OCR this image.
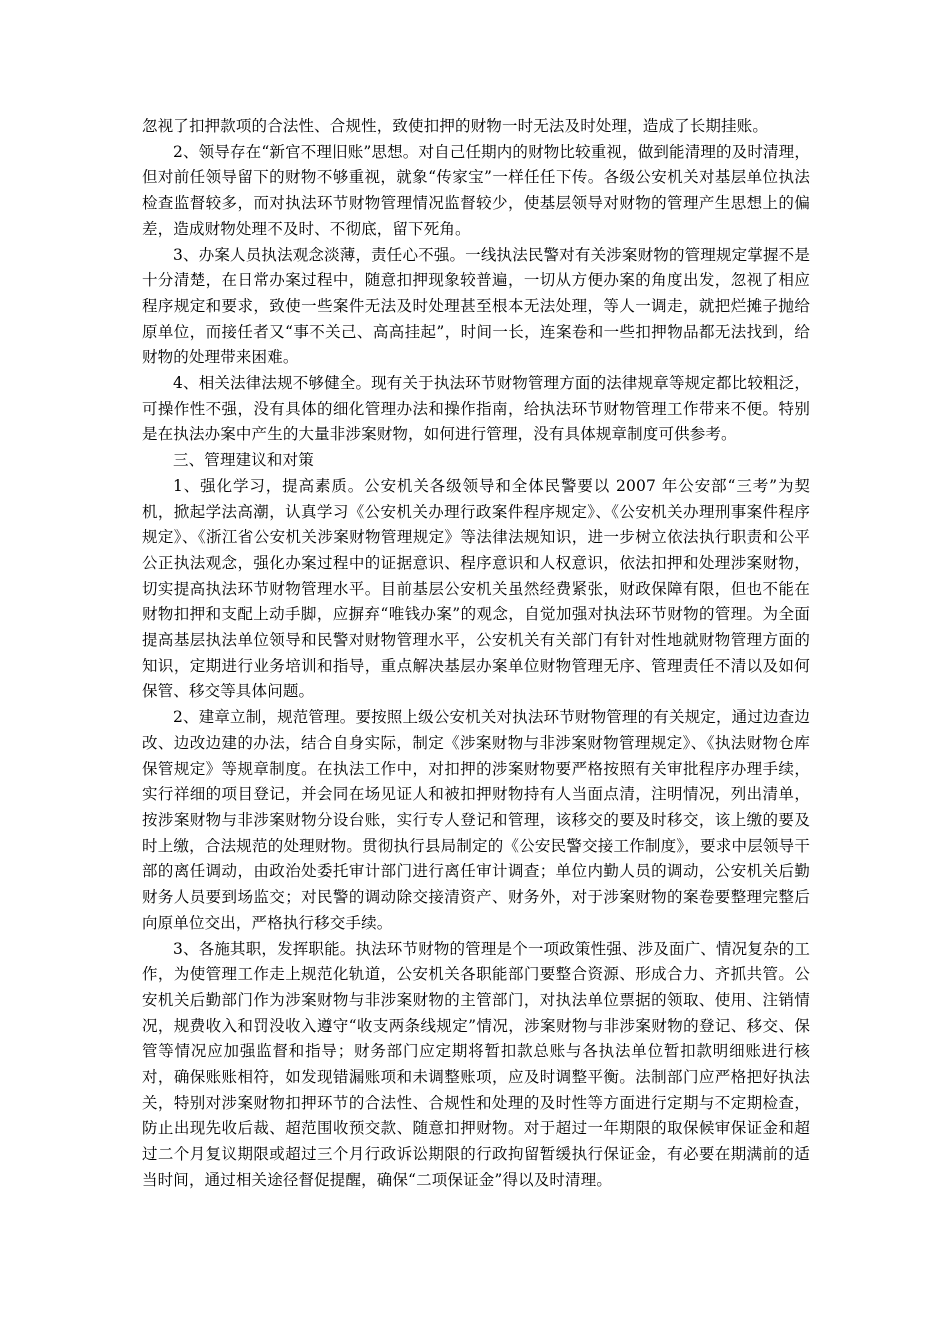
忽视了扣押款项的合法性、合规性，致使扣押的财物一时无法及时处理，造成了长期挂账。

2、领导存在“新官不理旧账”思想。对自己任期内的财物比较重视，做到能清理的及时清理，但对前任领导留下的财物不够重视，就象“传家宝”一样任任下传。各级公安机关对基层单位执法检查监督较多，而对执法环节财物管理情况监督较少，使基层领导对财物的管理产生思想上的偏差，造成财物处理不及时、不彻底，留下死角。

3、办案人员执法观念淡薄，责任心不强。一线执法民警对有关涉案财物的管理规定掌握不是十分清楚，在日常办案过程中，随意扣押现象较普遍，一切从方便办案的角度出发，忽视了相应程序规定和要求，致使一些案件无法及时处理甚至根本无法处理，等人一调走，就把烂摊子抛给原单位，而接任者又“事不关己、高高挂起”，时间一长，连案卷和一些扣押物品都无法找到，给财物的处理带来困难。

4、相关法律法规不够健全。现有关于执法环节财物管理方面的法律规章等规定都比较粗泛，可操作性不强，没有具体的细化管理办法和操作指南，给执法环节财物管理工作带来不便。特别是在执法办案中产生的大量非涉案财物，如何进行管理，没有具体规章制度可供参考。

三、管理建议和对策

1、强化学习，提高素质。公安机关各级领导和全体民警要以 2007 年公安部“三考”为契机，掀起学法高潮，认真学习《公安机关办理行政案件程序规定》、《公安机关办理刑事案件程序规定》、《浙江省公安机关涉案财物管理规定》等法律法规知识，进一步树立依法执行职责和公平公正执法观念，强化办案过程中的证据意识、程序意识和人权意识，依法扣押和处理涉案财物，切实提高执法环节财物管理水平。目前基层公安机关虽然经费紧张，财政保障有限，但也不能在财物扣押和支配上动手脚，应摒弃“唯钱办案”的观念，自觉加强对执法环节财物的管理。为全面提高基层执法单位领导和民警对财物管理水平，公安机关有关部门有针对性地就财物管理方面的知识，定期进行业务培训和指导，重点解决基层办案单位财物管理无序、管理责任不清以及如何保管、移交等具体问题。

2、建章立制，规范管理。要按照上级公安机关对执法环节财物管理的有关规定，通过边查边改、边改边建的办法，结合自身实际，制定《涉案财物与非涉案财物管理规定》、《执法财物仓库保管规定》等规章制度。在执法工作中，对扣押的涉案财物要严格按照有关审批程序办理手续，实行祥细的项目登记，并会同在场见证人和被扣押财物持有人当面点清，注明情况，列出清单，按涉案财物与非涉案财物分设台账，实行专人登记和管理，该移交的要及时移交，该上缴的要及时上缴，合法规范的处理财物。贯彻执行县局制定的《公安民警交接工作制度》，要求中层领导干部的离任调动，由政治处委托审计部门进行离任审计调查；单位内勤人员的调动，公安机关后勤财务人员要到场监交；对民警的调动除交接清资产、财务外，对于涉案财物的案卷要整理完整后向原单位交出，严格执行移交手续。

3、各施其职，发挥职能。执法环节财物的管理是个一项政策性强、涉及面广、情况复杂的工作，为使管理工作走上规范化轨道，公安机关各职能部门要整合资源、形成合力、齐抓共管。公安机关后勤部门作为涉案财物与非涉案财物的主管部门，对执法单位票据的领取、使用、注销情况，规费收入和罚没收入遵守“收支两条线规定”情况，涉案财物与非涉案财物的登记、移交、保管等情况应加强监督和指导；财务部门应定期将暂扣款总账与各执法单位暂扣款明细账进行核对，确保账账相符，如发现错漏账项和未调整账项，应及时调整平衡。法制部门应严格把好执法关，特别对涉案财物扣押环节的合法性、合规性和处理的及时性等方面进行定期与不定期检查，防止出现先收后裁、超范围收预交款、随意扣押财物。对于超过一年期限的取保候审保证金和超过二个月复议期限或超过三个月行政诉讼期限的行政拘留暂缓执行保证金，有必要在期满前的适当时间，通过相关途径督促提醒，确保“二项保证金”得以及时清理。
